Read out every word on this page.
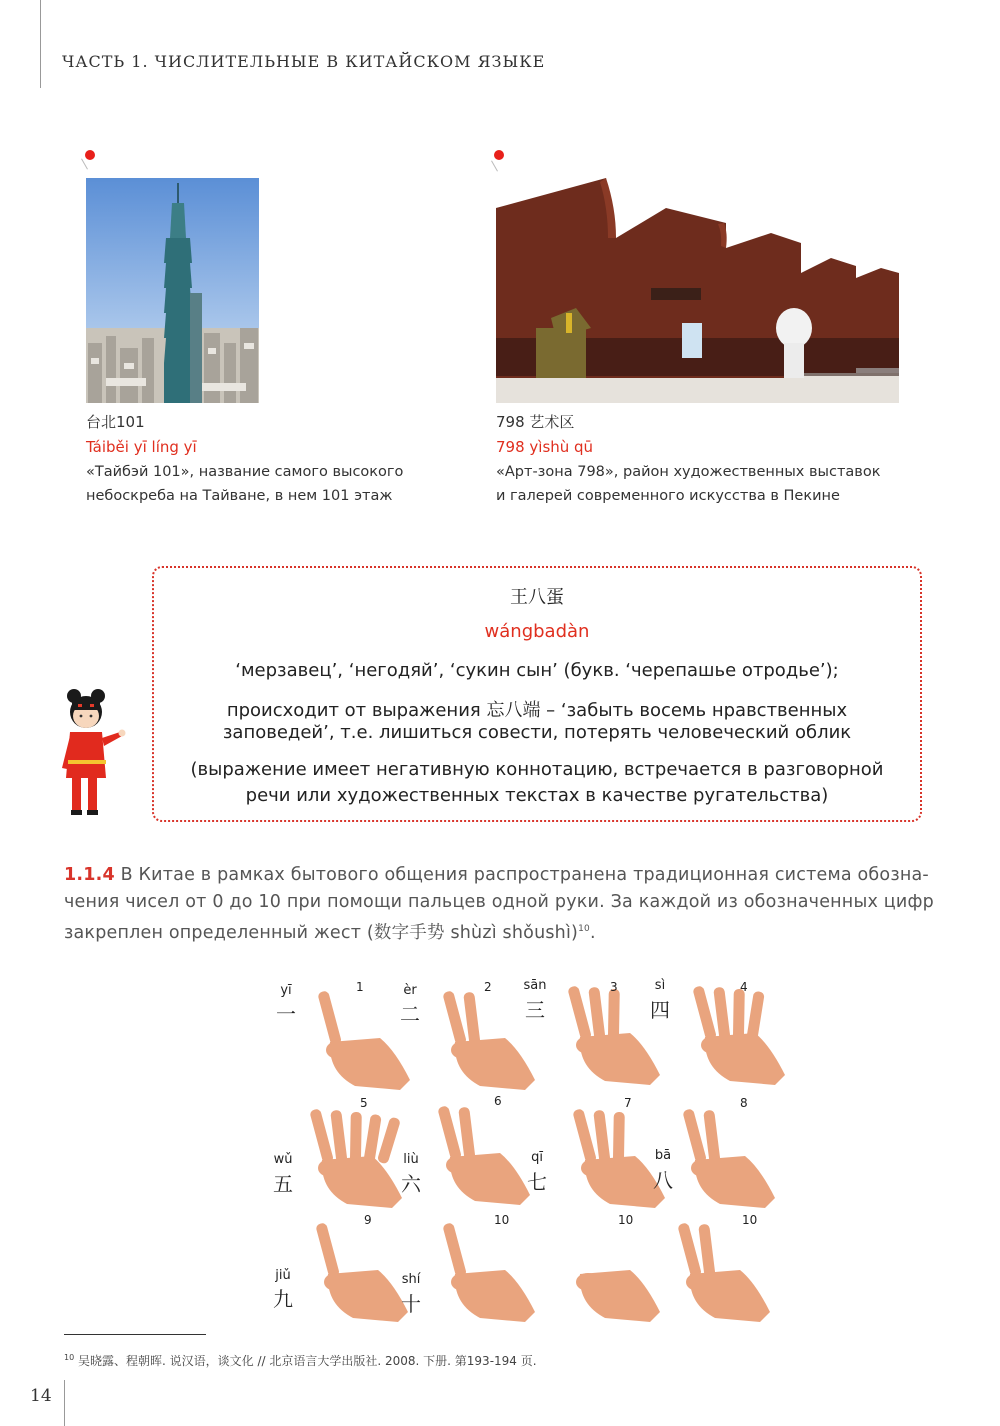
ЧАСТЬ 1. ЧИСЛИТЕЛЬНЫЕ В КИТАЙСКОМ ЯЗЫКЕ
台北101
Táiběi yī líng yī
«Тайбэй 101», название самого высокого
небоскреба на Тайване, в нем 101 этаж
798 艺术区
798 yìshù qū
«Арт-зона 798», район художественных выставок
и галерей современного искусства в Пекине
王八蛋
wángbadàn
‘мерзавец’, ‘негодяй’, ‘сукин сын’ (букв. ‘черепашье отродье’);
происходит от выражения 忘八端 – ‘забыть восемь нравственных
заповедей’, т.е. лишиться совести, потерять человеческий облик
(выражение имеет негативную коннотацию, встречается в разговорной
речи или художественных текстах в качестве ругательства)
1.1.4 В Китае в рамках бытового общения распространена традиционная система обозна-
чения чисел от 0 до 10 при помощи пальцев одной руки. За каждой из обозначенных цифр
закреплен определенный жест (数字手势 shùzì shǒushì)$^{10}$.
1
yī
一
2
èr
二
3
sān
三
4
sì
四
5
wǔ
五
6
liù
六
7
qī
七
8
bā
八
9
jiǔ
九
10
shí
十
10	10
$^{10}$ 吴晓露、程朝晖. 说汉语，谈文化 // 北京语言大学出版社. 2008. 下册. 第193-194 页.
14
